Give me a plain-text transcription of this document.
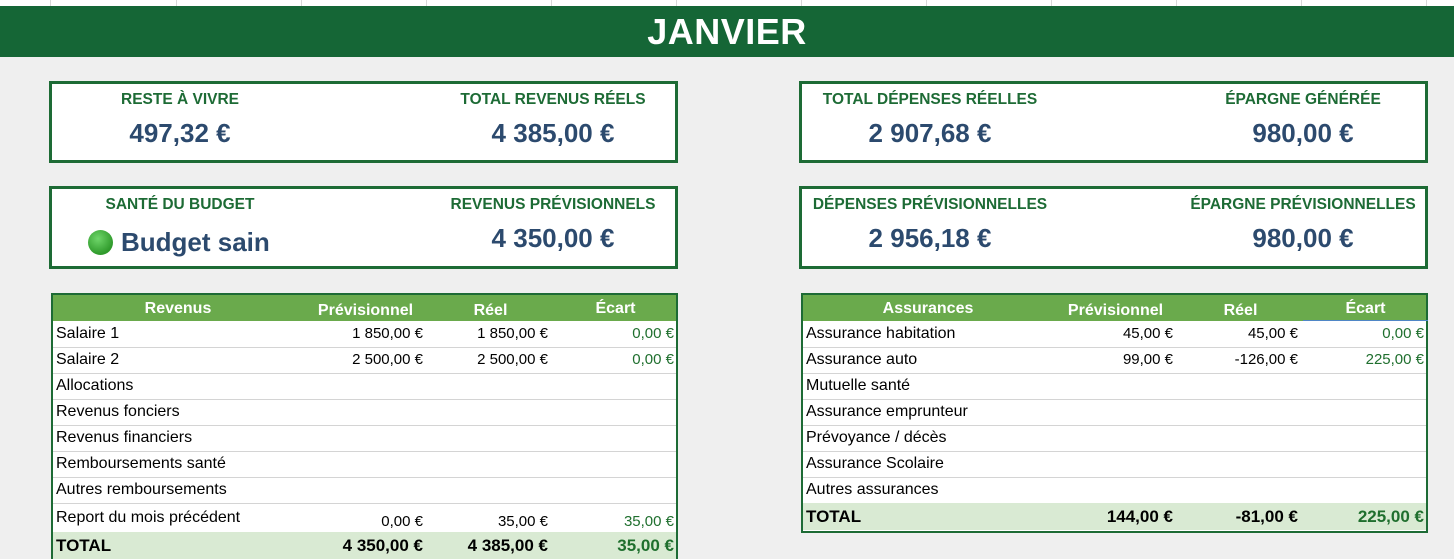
JANVIER
RESTE À VIVRE
497,32 €
TOTAL REVENUS RÉELS
4 385,00 €
SANTÉ DU BUDGET
Budget sain
REVENUS PRÉVISIONNELS
4 350,00 €
TOTAL DÉPENSES RÉELLES
2 907,68 €
ÉPARGNE GÉNÉRÉE
980,00 €
DÉPENSES PRÉVISIONNELLES
2 956,18 €
ÉPARGNE PRÉVISIONNELLES
980,00 €
Revenus	Prévisionnel	Réel	Écart
Salaire 1	1 850,00 €	1 850,00 €	0,00 €
Salaire 2	2 500,00 €	2 500,00 €	0,00 €
Allocations
Revenus fonciers
Revenus financiers
Remboursements santé
Autres remboursements
Report du mois précédent	0,00 €	35,00 €	35,00 €
TOTAL	4 350,00 €	4 385,00 €	35,00 €
Assurances	Prévisionnel	Réel	Écart
Assurance habitation	45,00 €	45,00 €	0,00 €
Assurance auto	99,00 €	-126,00 €	225,00 €
Mutuelle santé
Assurance emprunteur
Prévoyance / décès
Assurance Scolaire
Autres assurances
TOTAL	144,00 €	-81,00 €	225,00 €
